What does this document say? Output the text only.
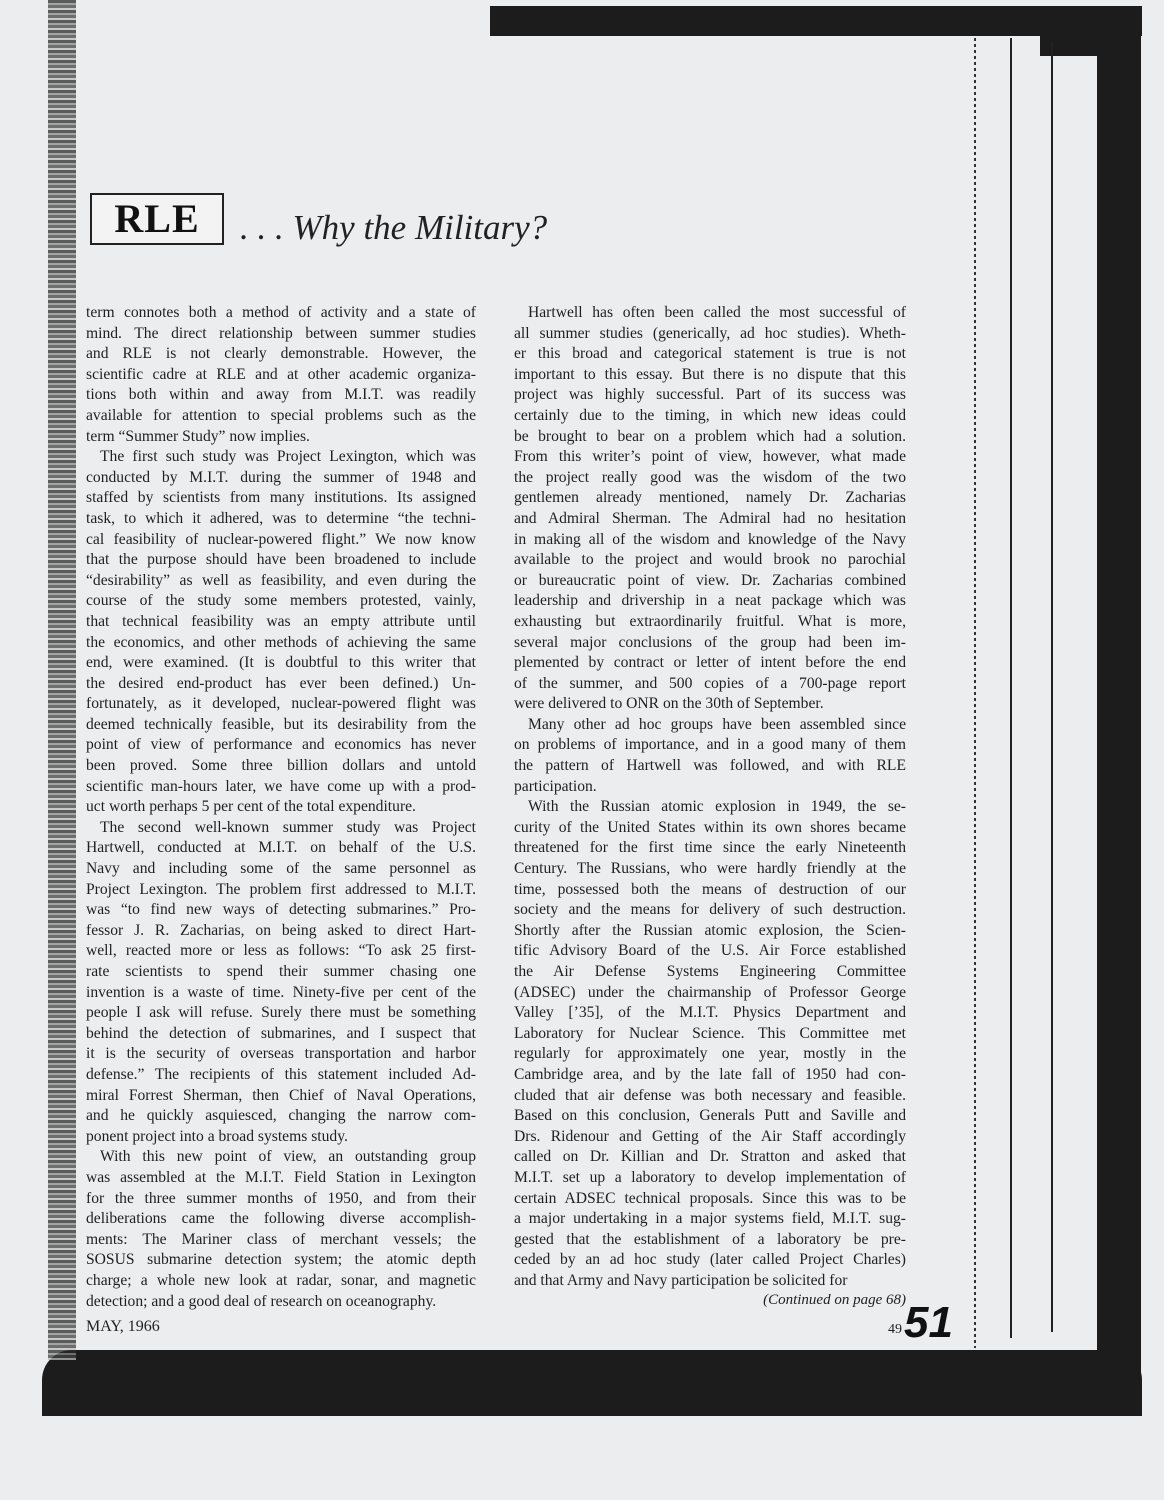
RLE	. . . Why the Military?
term connotes both a method of activity and a state of
mind. The direct relationship between summer studies
and RLE is not clearly demonstrable. However, the
scientific cadre at RLE and at other academic organiza-
tions both within and away from M.I.T. was readily
available for attention to special problems such as the
term “Summer Study” now implies.
The first such study was Project Lexington, which was
conducted by M.I.T. during the summer of 1948 and
staffed by scientists from many institutions. Its assigned
task, to which it adhered, was to determine “the techni-
cal feasibility of nuclear-powered flight.” We now know
that the purpose should have been broadened to include
“desirability” as well as feasibility, and even during the
course of the study some members protested, vainly,
that technical feasibility was an empty attribute until
the economics, and other methods of achieving the same
end, were examined. (It is doubtful to this writer that
the desired end-product has ever been defined.) Un-
fortunately, as it developed, nuclear-powered flight was
deemed technically feasible, but its desirability from the
point of view of performance and economics has never
been proved. Some three billion dollars and untold
scientific man-hours later, we have come up with a prod-
uct worth perhaps 5 per cent of the total expenditure.
The second well-known summer study was Project
Hartwell, conducted at M.I.T. on behalf of the U.S.
Navy and including some of the same personnel as
Project Lexington. The problem first addressed to M.I.T.
was “to find new ways of detecting submarines.” Pro-
fessor J. R. Zacharias, on being asked to direct Hart-
well, reacted more or less as follows: “To ask 25 first-
rate scientists to spend their summer chasing one
invention is a waste of time. Ninety-five per cent of the
people I ask will refuse. Surely there must be something
behind the detection of submarines, and I suspect that
it is the security of overseas transportation and harbor
defense.” The recipients of this statement included Ad-
miral Forrest Sherman, then Chief of Naval Operations,
and he quickly asquiesced, changing the narrow com-
ponent project into a broad systems study.
With this new point of view, an outstanding group
was assembled at the M.I.T. Field Station in Lexington
for the three summer months of 1950, and from their
deliberations came the following diverse accomplish-
ments: The Mariner class of merchant vessels; the
SOSUS submarine detection system; the atomic depth
charge; a whole new look at radar, sonar, and magnetic
detection; and a good deal of research on oceanography.
Hartwell has often been called the most successful of
all summer studies (generically, ad hoc studies). Wheth-
er this broad and categorical statement is true is not
important to this essay. But there is no dispute that this
project was highly successful. Part of its success was
certainly due to the timing, in which new ideas could
be brought to bear on a problem which had a solution.
From this writer’s point of view, however, what made
the project really good was the wisdom of the two
gentlemen already mentioned, namely Dr. Zacharias
and Admiral Sherman. The Admiral had no hesitation
in making all of the wisdom and knowledge of the Navy
available to the project and would brook no parochial
or bureaucratic point of view. Dr. Zacharias combined
leadership and drivership in a neat package which was
exhausting but extraordinarily fruitful. What is more,
several major conclusions of the group had been im-
plemented by contract or letter of intent before the end
of the summer, and 500 copies of a 700-page report
were delivered to ONR on the 30th of September.
Many other ad hoc groups have been assembled since
on problems of importance, and in a good many of them
the pattern of Hartwell was followed, and with RLE
participation.
With the Russian atomic explosion in 1949, the se-
curity of the United States within its own shores became
threatened for the first time since the early Nineteenth
Century. The Russians, who were hardly friendly at the
time, possessed both the means of destruction of our
society and the means for delivery of such destruction.
Shortly after the Russian atomic explosion, the Scien-
tific Advisory Board of the U.S. Air Force established
the Air Defense Systems Engineering Committee
(ADSEC) under the chairmanship of Professor George
Valley [’35], of the M.I.T. Physics Department and
Laboratory for Nuclear Science. This Committee met
regularly for approximately one year, mostly in the
Cambridge area, and by the late fall of 1950 had con-
cluded that air defense was both necessary and feasible.
Based on this conclusion, Generals Putt and Saville and
Drs. Ridenour and Getting of the Air Staff accordingly
called on Dr. Killian and Dr. Stratton and asked that
M.I.T. set up a laboratory to develop implementation of
certain ADSEC technical proposals. Since this was to be
a major undertaking in a major systems field, M.I.T. sug-
gested that the establishment of a laboratory be pre-
ceded by an ad hoc study (later called Project Charles)
and that Army and Navy participation be solicited for
(Continued on page 68)
MAY, 1966	49 51
